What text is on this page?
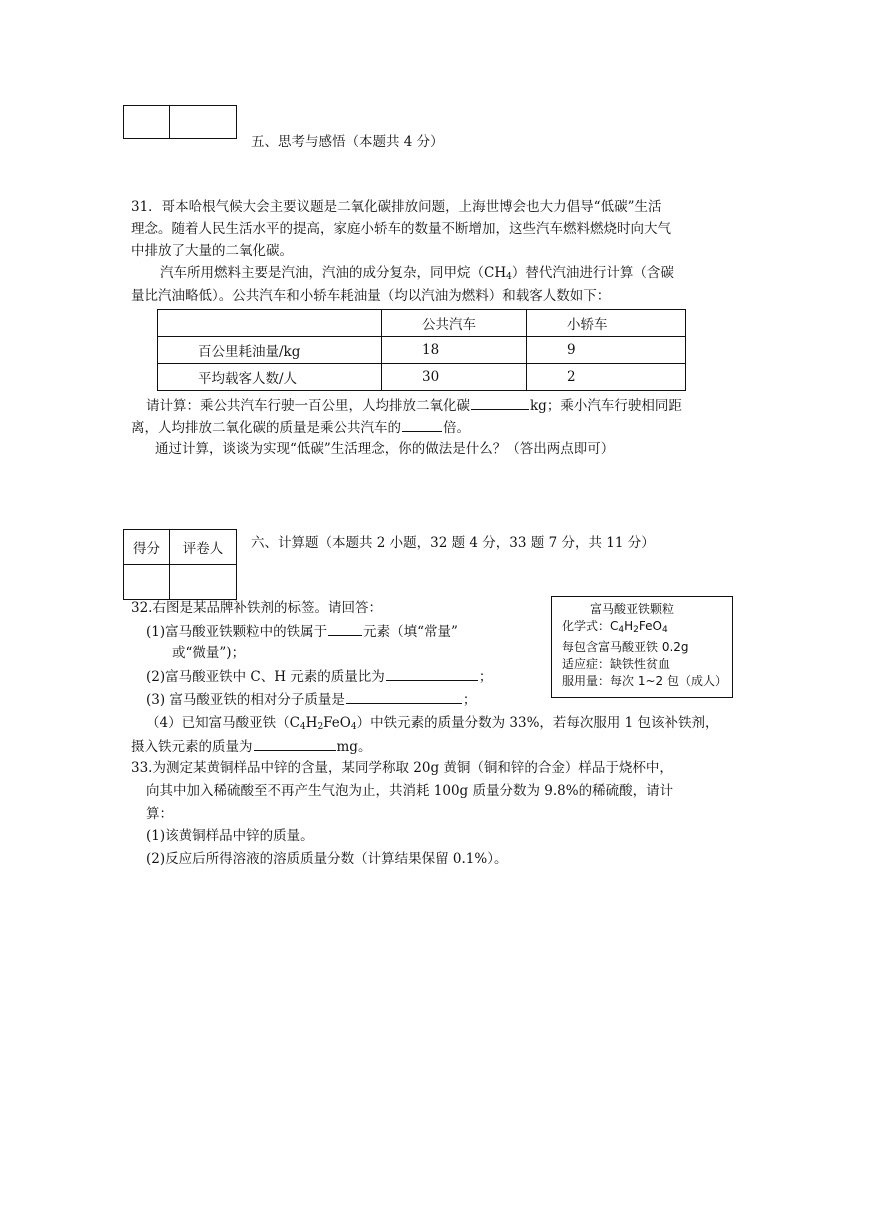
五、思考与感悟（本题共 4 分）
31．哥本哈根气候大会主要议题是二氧化碳排放问题，上海世博会也大力倡导“低碳”生活
理念。随着人民生活水平的提高，家庭小轿车的数量不断增加，这些汽车燃料燃烧时向大气
中排放了大量的二氧化碳。
汽车所用燃料主要是汽油，汽油的成分复杂，同甲烷$(CH_4)$替代汽油进行计算（含碳
量比汽油略低）。公共汽车和小轿车耗油量（均以汽油为燃料）和载客人数如下：
	公共汽车	小轿车
百公里耗油量/kg	18	9
平均载客人数/人	30	2
请计算：乘公共汽车行驶一百公里，人均排放二氧化碳	kg；乘小汽车行驶相同距
离，人均排放二氧化碳的质量是乘公共汽车的	倍。
通过计算，谈谈为实现“低碳”生活理念，你的做法是什么？（答出两点即可）
得分	评卷人
	六、计算题（本题共 2 小题，32 题 4 分，33 题 7 分，共 11 分）
32.右图是某品牌补铁剂的标签。请回答：
(1)富马酸亚铁颗粒中的铁属于	元素（填“常量”
或“微量”)；
(2)富马酸亚铁中 C、H 元素的质量比为	；
(3) 富马酸亚铁的相对分子质量是	；
（4）已知富马酸亚铁$(C_4H_2FeO_4)$中铁元素的质量分数为 33%，若每次服用 1 包该补铁剂，
摄入铁元素的质量为	mg。
富马酸亚铁颗粒
化学式：$C_4H_2FeO_4$
每包含富马酸亚铁 0.2g
适应症：缺铁性贫血
服用量：每次 1~2 包（成人）
33.为测定某黄铜样品中锌的含量，某同学称取 20g 黄铜（铜和锌的合金）样品于烧杯中，
向其中加入稀硫酸至不再产生气泡为止，共消耗 100g 质量分数为 9.8%的稀硫酸，请计
算：
(1)该黄铜样品中锌的质量。
(2)反应后所得溶液的溶质质量分数（计算结果保留 0.1%）。
